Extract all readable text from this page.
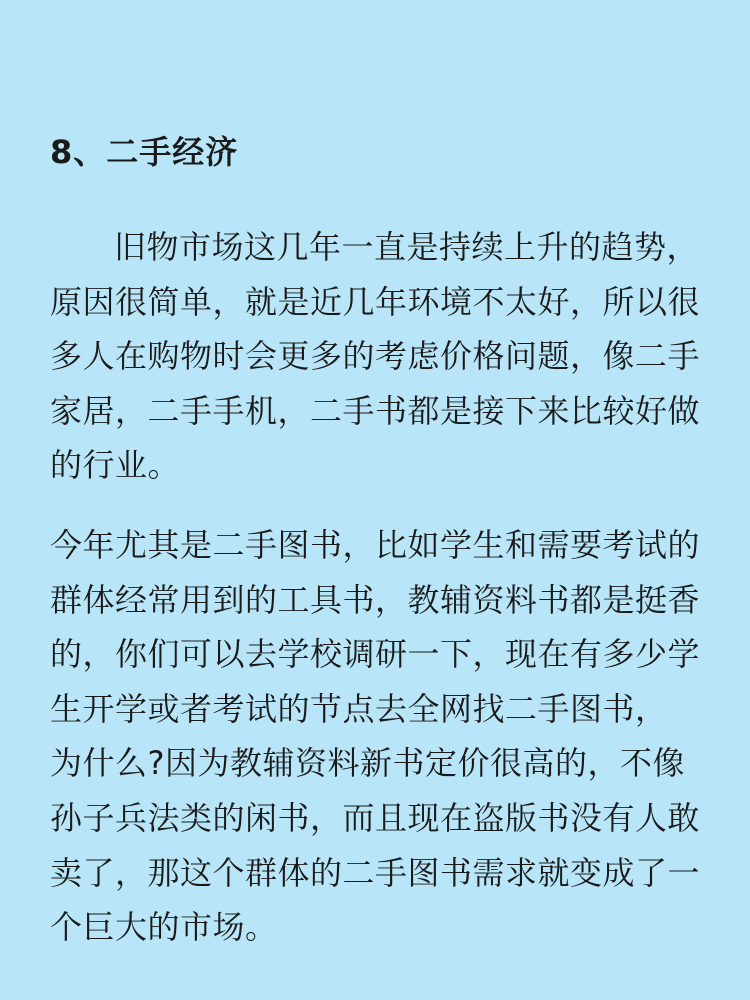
8、二手经济

旧物市场这几年一直是持续上升的趋势，原因很简单，就是近几年环境不太好，所以很多人在购物时会更多的考虑价格问题，像二手家居，二手手机，二手书都是接下来比较好做的行业。

今年尤其是二手图书，比如学生和需要考试的群体经常用到的工具书，教辅资料书都是挺香的，你们可以去学校调研一下，现在有多少学生开学或者考试的节点去全网找二手图书，
为什么?因为教辅资料新书定价很高的，不像孙子兵法类的闲书，而且现在盗版书没有人敢卖了，那这个群体的二手图书需求就变成了一个巨大的市场。
